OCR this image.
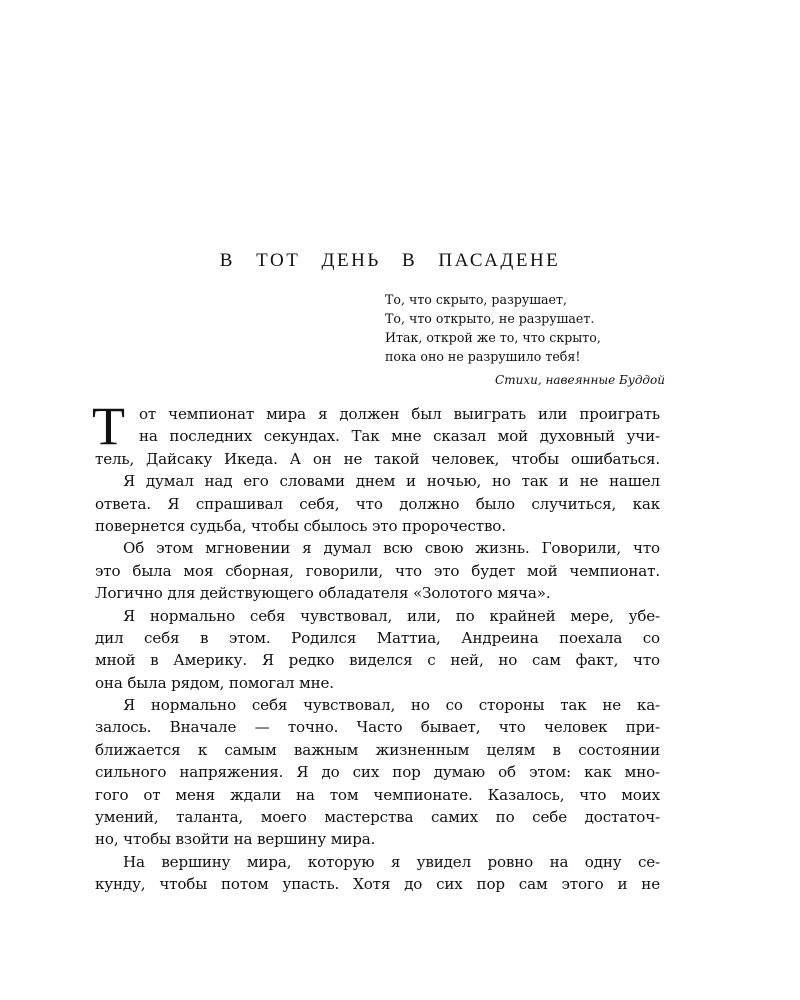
в тот день в пасадене
То, что скрыто, разрушает,
То, что открыто, не разрушает.
Итак, открой же то, что скрыто,
пока оно не разрушило тебя!
Стихи, навеянные Буддой
Т от чемпионат мира я должен был выиграть или проиграть
на последних секундах. Так мне сказал мой духовный учи-
тель, Дайсаку Икеда. А он не такой человек, чтобы ошибаться.
Я думал над его словами днем и ночью, но так и не нашел
ответа. Я спрашивал себя, что должно было случиться, как
повернется судьба, чтобы сбылось это пророчество.
Об этом мгновении я думал всю свою жизнь. Говорили, что
это была моя сборная, говорили, что это будет мой чемпионат.
Логично для действующего обладателя «Золотого мяча».
Я нормально себя чувствовал, или, по крайней мере, убе-
дил себя в этом. Родился Маттиа, Андреина поехала со
мной в Америку. Я редко виделся с ней, но сам факт, что
она была рядом, помогал мне.
Я нормально себя чувствовал, но со стороны так не ка-
залось. Вначале — точно. Часто бывает, что человек при-
ближается к самым важным жизненным целям в состоянии
сильного напряжения. Я до сих пор думаю об этом: как мно-
гого от меня ждали на том чемпионате. Казалось, что моих
умений, таланта, моего мастерства самих по себе достаточ-
но, чтобы взойти на вершину мира.
На вершину мира, которую я увидел ровно на одну се-
кунду, чтобы потом упасть. Хотя до сих пор сам этого и не
